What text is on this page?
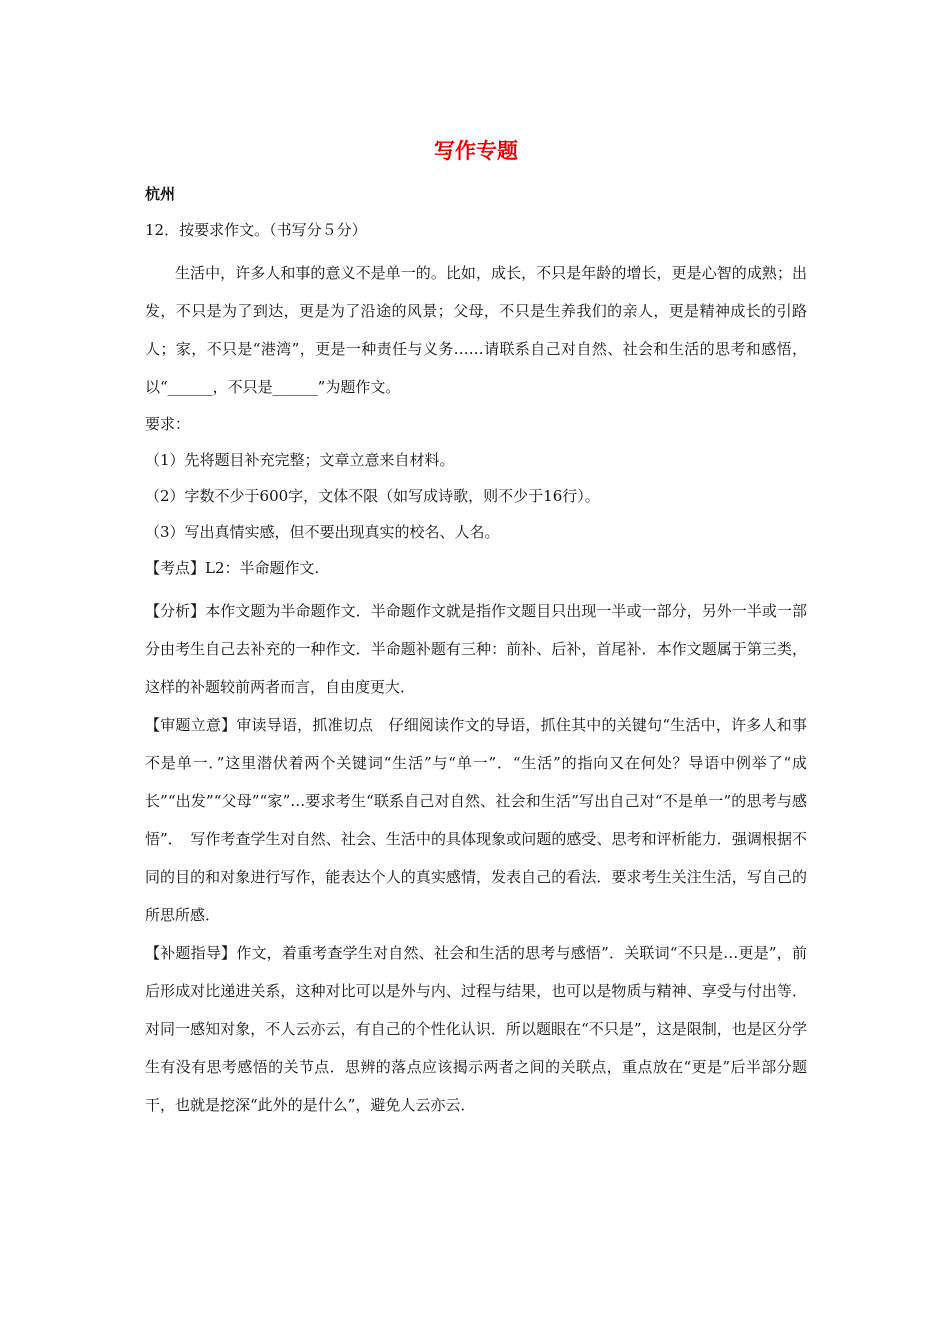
写作专题
杭州
12．按要求作文。（书写分５分）
生活中，许多人和事的意义不是单一的。比如，成长，不只是年龄的增长，更是心智的成熟；出发，不只是为了到达，更是为了沿途的风景；父母，不只是生养我们的亲人，更是精神成长的引路人；家，不只是“港湾”，更是一种责任与义务……请联系自己对自然、社会和生活的思考和感悟，以“______，不只是______”为题作文。
要求：
（1）先将题目补充完整；文章立意来自材料。
（2）字数不少于600字，文体不限（如写成诗歌，则不少于16行）。
（3）写出真情实感，但不要出现真实的校名、人名。
【考点】L2：半命题作文.
【分析】本作文题为半命题作文．半命题作文就是指作文题目只出现一半或一部分，另外一半或一部分由考生自己去补充的一种作文．半命题补题有三种：前补、后补，首尾补．本作文题属于第三类，这样的补题较前两者而言，自由度更大．
【审题立意】审读导语，抓准切点　仔细阅读作文的导语，抓住其中的关键句“生活中，许多人和事不是单一．”这里潜伏着两个关键词“生活”与“单一”．“生活”的指向又在何处？导语中例举了“成长”“出发”“父母”“家”…要求考生“联系自己对自然、社会和生活”写出自己对“不是单一”的思考与感悟”．　写作考查学生对自然、社会、生活中的具体现象或问题的感受、思考和评析能力．强调根据不同的目的和对象进行写作，能表达个人的真实感情，发表自己的看法．要求考生关注生活，写自己的所思所感．
【补题指导】作文，着重考查学生对自然、社会和生活的思考与感悟”．关联词“不只是…更是”，前后形成对比递进关系，这种对比可以是外与内、过程与结果，也可以是物质与精神、享受与付出等．对同一感知对象，不人云亦云，有自己的个性化认识．所以题眼在“不只是”，这是限制，也是区分学生有没有思考感悟的关节点．思辨的落点应该揭示两者之间的关联点，重点放在“更是”后半部分题干，也就是挖深“此外的是什么”，避免人云亦云．
